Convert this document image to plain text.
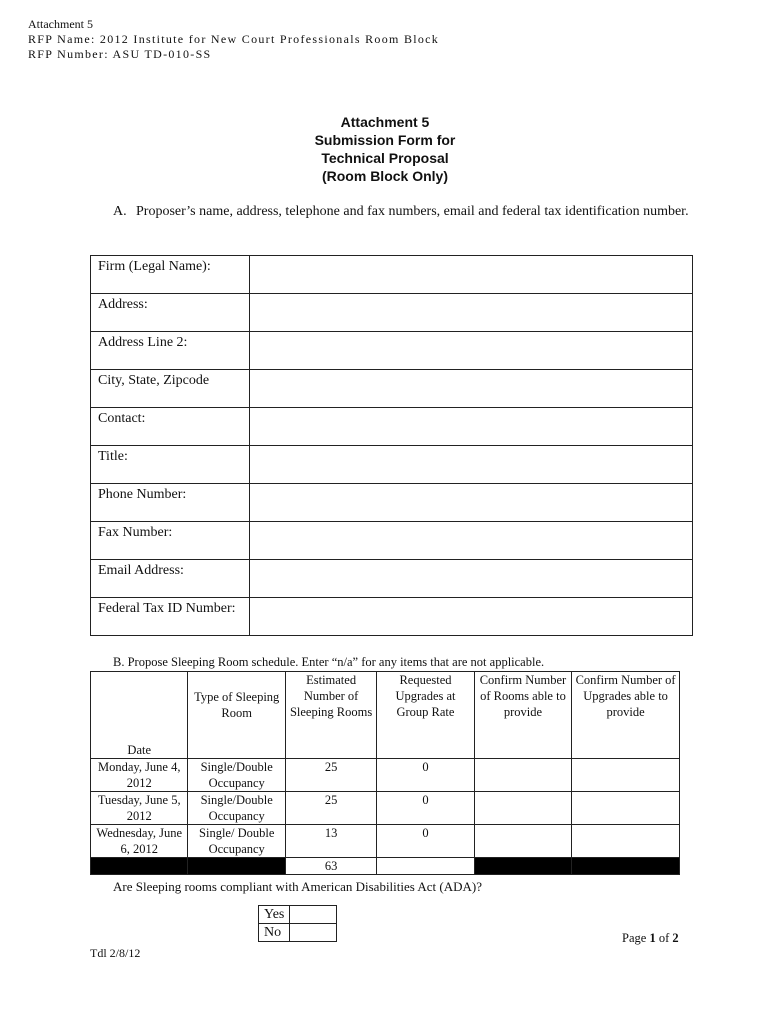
Attachment 5
RFP Name: 2012 Institute for New Court Professionals Room Block
RFP Number: ASU TD-010-SS
Attachment 5
Submission Form for
Technical Proposal
(Room Block Only)
A. Proposer’s name, address, telephone and fax numbers, email and federal tax identification number.
Firm (Legal Name):	
Address:	
Address Line 2:	
City, State, Zipcode	
Contact:	
Title:	
Phone Number:	
Fax Number:	
Email Address:	
Federal Tax ID Number:	
B. Propose Sleeping Room schedule. Enter “n/a” for any items that are not applicable.
Date	Type of Sleeping Room	Estimated Number of Sleeping Rooms	Requested Upgrades at Group Rate	Confirm Number of Rooms able to provide	Confirm Number of Upgrades able to provide
Monday, June 4, 2012	Single/Double Occupancy	25	0		
Tuesday, June 5, 2012	Single/Double Occupancy	25	0		
Wednesday, June 6, 2012	Single/ Double Occupancy	13	0		
		63			
Are Sleeping rooms compliant with American Disabilities Act (ADA)?
Yes	
No		Page 1 of 2
Tdl 2/8/12
